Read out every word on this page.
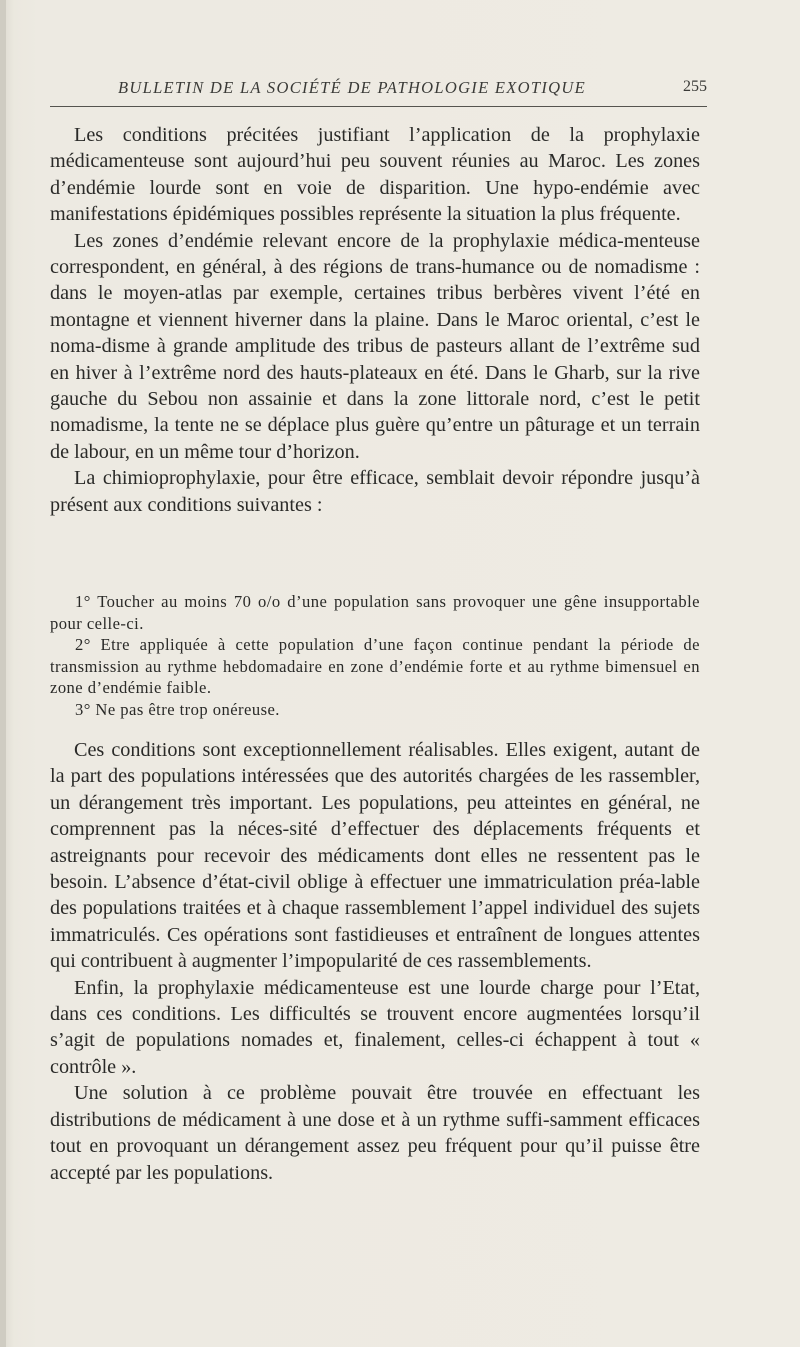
BULLETIN DE LA SOCIÉTÉ DE PATHOLOGIE EXOTIQUE	255

Les conditions précitées justifiant l’application de la prophylaxie médicamenteuse sont aujourd’hui peu souvent réunies au Maroc. Les zones d’endémie lourde sont en voie de disparition. Une hypo-endémie avec manifestations épidémiques possibles représente la situation la plus fréquente.

Les zones d’endémie relevant encore de la prophylaxie médica-menteuse correspondent, en général, à des régions de trans-humance ou de nomadisme : dans le moyen-atlas par exemple, certaines tribus berbères vivent l’été en montagne et viennent hiverner dans la plaine. Dans le Maroc oriental, c’est le noma-disme à grande amplitude des tribus de pasteurs allant de l’extrême sud en hiver à l’extrême nord des hauts-plateaux en été. Dans le Gharb, sur la rive gauche du Sebou non assainie et dans la zone littorale nord, c’est le petit nomadisme, la tente ne se déplace plus guère qu’entre un pâturage et un terrain de labour, en un même tour d’horizon.

La chimioprophylaxie, pour être efficace, semblait devoir répondre jusqu’à présent aux conditions suivantes :

1° Toucher au moins 70 o/o d’une population sans provoquer une gêne insupportable pour celle-ci.

2° Etre appliquée à cette population d’une façon continue pendant la période de transmission au rythme hebdomadaire en zone d’endémie forte et au rythme bimensuel en zone d’endémie faible.

3° Ne pas être trop onéreuse.

Ces conditions sont exceptionnellement réalisables. Elles exigent, autant de la part des populations intéressées que des autorités chargées de les rassembler, un dérangement très important. Les populations, peu atteintes en général, ne comprennent pas la néces-sité d’effectuer des déplacements fréquents et astreignants pour recevoir des médicaments dont elles ne ressentent pas le besoin. L’absence d’état-civil oblige à effectuer une immatriculation préa-lable des populations traitées et à chaque rassemblement l’appel individuel des sujets immatriculés. Ces opérations sont fastidieuses et entraînent de longues attentes qui contribuent à augmenter l’impopularité de ces rassemblements.

Enfin, la prophylaxie médicamenteuse est une lourde charge pour l’Etat, dans ces conditions. Les difficultés se trouvent encore augmentées lorsqu’il s’agit de populations nomades et, finalement, celles-ci échappent à tout « contrôle ».

Une solution à ce problème pouvait être trouvée en effectuant les distributions de médicament à une dose et à un rythme suffi-samment efficaces tout en provoquant un dérangement assez peu fréquent pour qu’il puisse être accepté par les populations.
